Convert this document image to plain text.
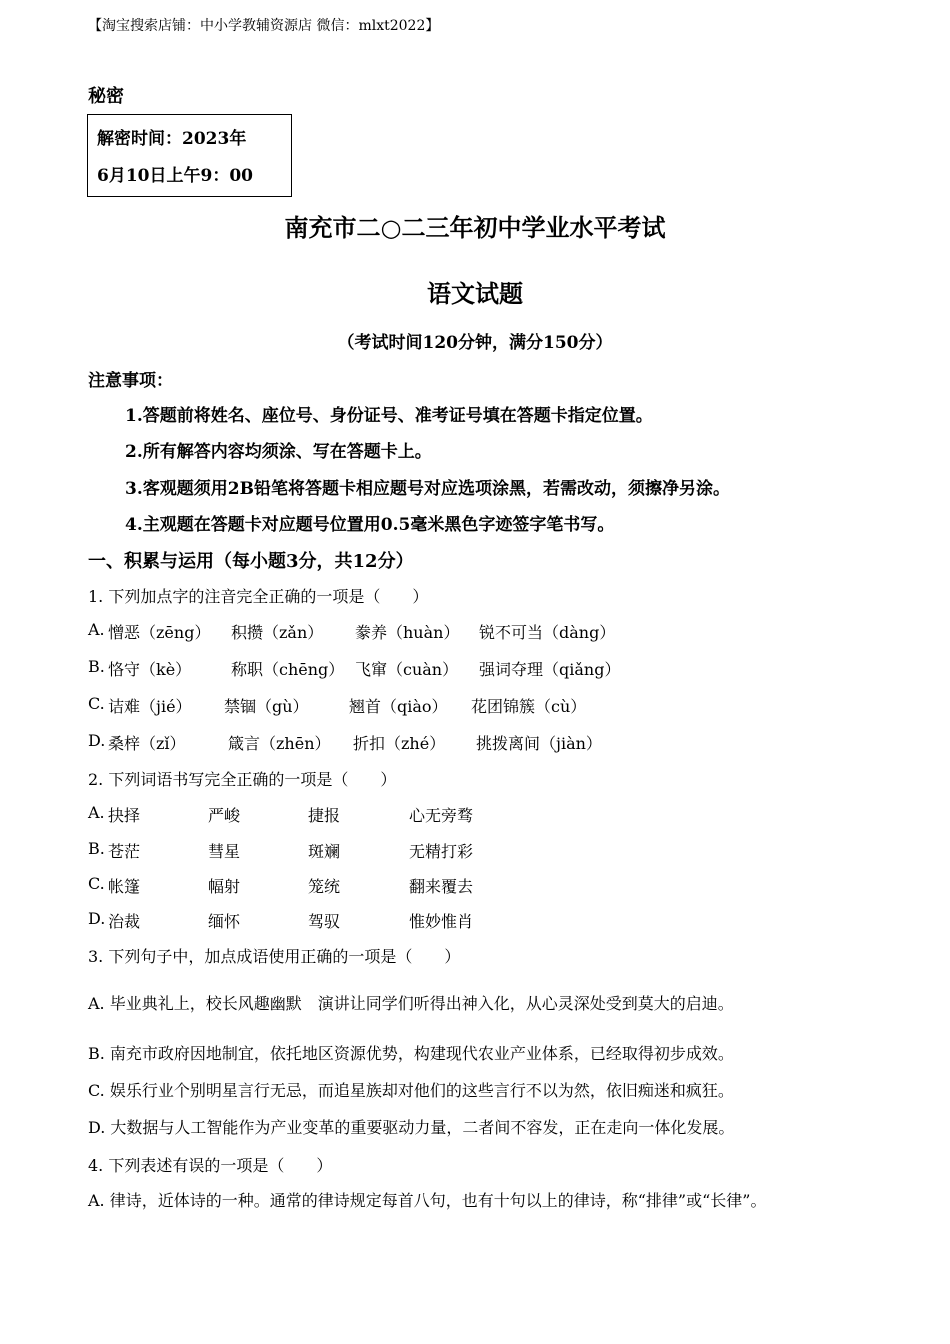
【淘宝搜索店铺：中小学教辅资源店 微信：mlxt2022】
秘密
解密时间：2023年
6月10日上午9：00
南充市二○二三年初中学业水平考试
语文试题
（考试时间120分钟，满分150分）
注意事项：
1.答题前将姓名、座位号、身份证号、准考证号填在答题卡指定位置。
2.所有解答内容均须涂、写在答题卡上。
3.客观题须用2B铅笔将答题卡相应题号对应选项涂黑，若需改动，须擦净另涂。
4.主观题在答题卡对应题号位置用0.5毫米黑色字迹签字笔书写。
一、积累与运用（每小题3分，共12分）
1. 下列加点字的注音完全正确的一项是（　　）
A. 憎恶（zēng） 积攒（zǎn） 豢养（huàn） 锐不可当（dàng）
B. 恪守（kè） 称职（chēng） 飞窜（cuàn） 强词夺理（qiǎng）
C. 诘难（jié） 禁锢（gù）	翘首（qiào） 花团锦簇（cù）
D. 桑梓（zǐ）	箴言（zhēn） 折扣（zhé） 挑拨离间（jiàn）
2. 下列词语书写完全正确的一项是（　　）
A. 抉择	严峻	捷报	心无旁骛
B. 苍茫	彗星	斑斓	无精打彩
C. 帐篷	幅射	笼统	翻来覆去
D. 治裁	缅怀	驾驭	惟妙惟肖
3. 下列句子中，加点成语使用正确的一项是（　　）
A. 毕业典礼上，校长风趣幽默　演讲让同学们听得出神入化，从心灵深处受到莫大的启迪。
B. 南充市政府因地制宜，依托地区资源优势，构建现代农业产业体系，已经取得初步成效。
C. 娱乐行业个别明星言行无忌，而追星族却对他们的这些言行不以为然，依旧痴迷和疯狂。
D. 大数据与人工智能作为产业变革的重要驱动力量，二者间不容发，正在走向一体化发展。
4. 下列表述有误的一项是（　　）
A. 律诗，近体诗的一种。通常的律诗规定每首八句，也有十句以上的律诗，称“排律”或“长律”。
